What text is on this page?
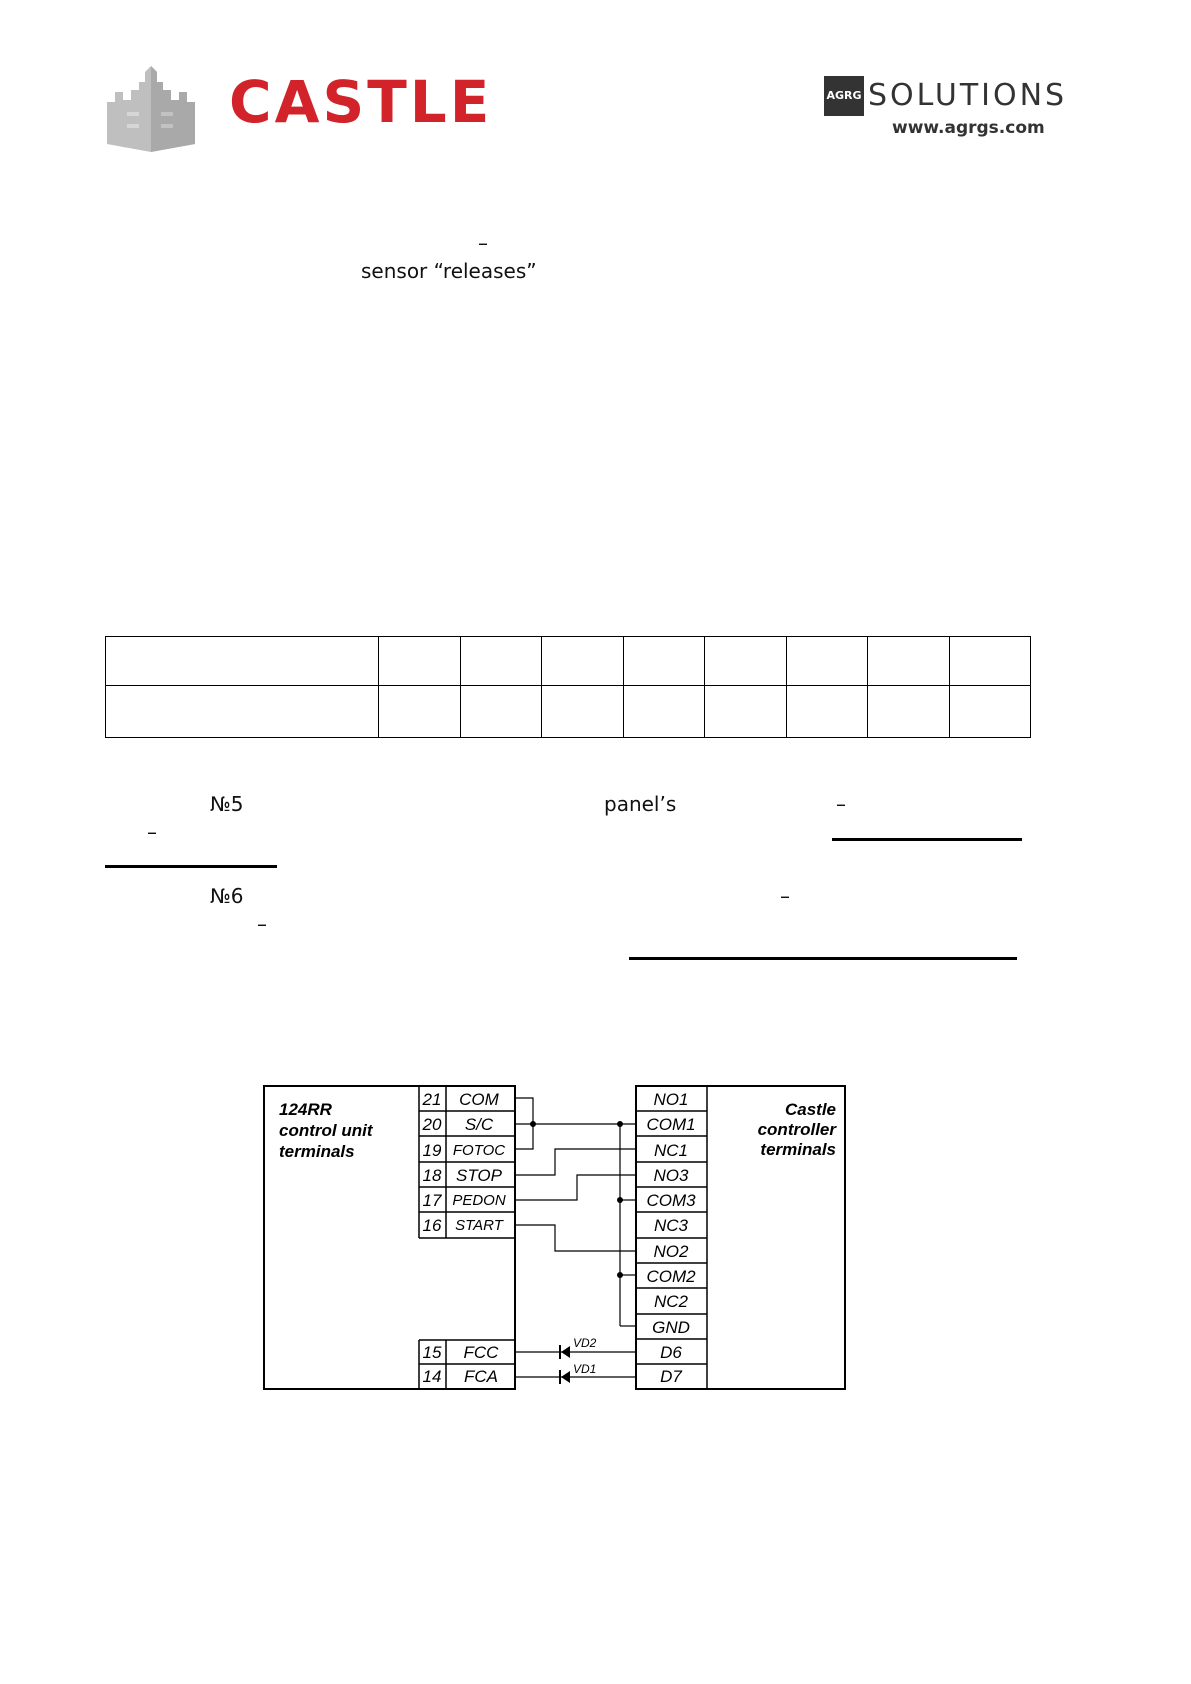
CASTLE	AGRG SOLUTIONS
www.agrgs.com
–
sensor “releases”

№5	panel’s	–
–
№6	–
–
124RR
control unit
terminals
Castle
controller
terminals
21 COM
20 S/C
19 FOTOC
18 STOP
17 PEDON
16 START
15 FCC
14 FCA
NO1
COM1
NC1
NO3
COM3
NC3
NO2
COM2
NC2
GND
D6
D7
VD2
VD1
